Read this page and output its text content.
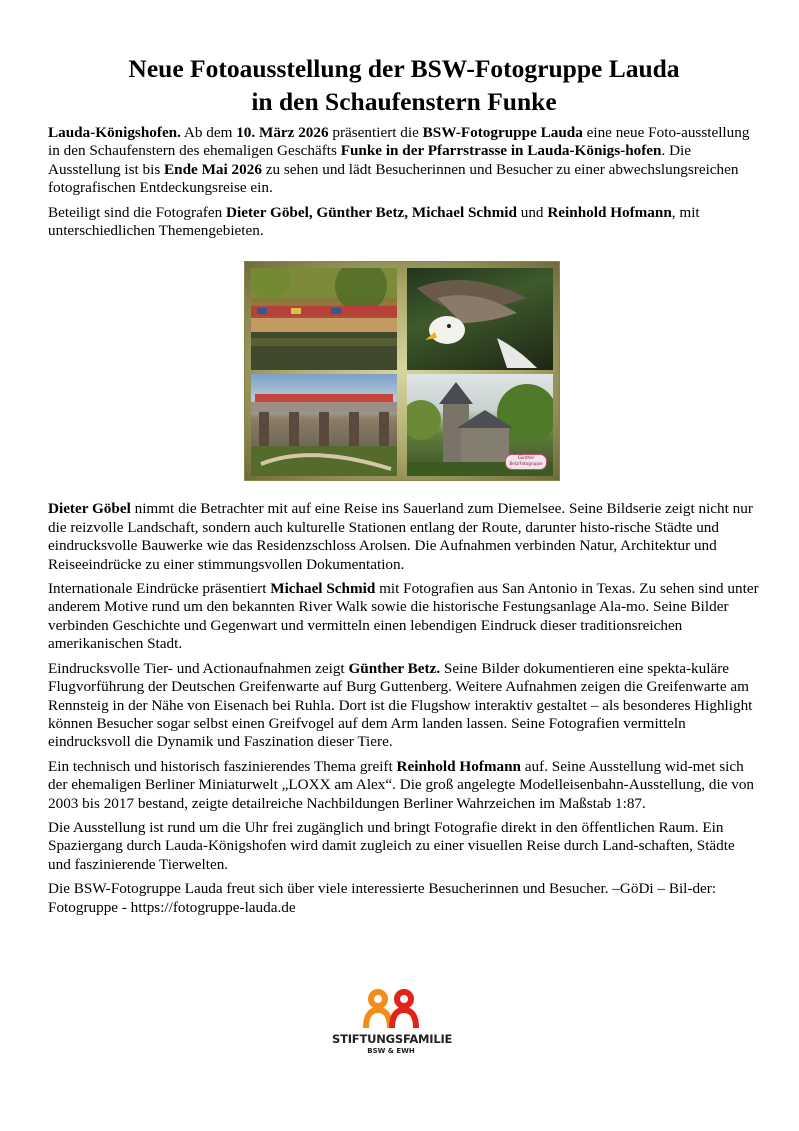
Neue Fotoausstellung der BSW-Fotogruppe Lauda
in den Schaufenstern Funke

Lauda-Königshofen. Ab dem 10. März 2026 präsentiert die BSW-Fotogruppe Lauda eine neue Foto-ausstellung in den Schaufenstern des ehemaligen Geschäfts Funke in der Pfarrstrasse in Lauda-Königs-hofen. Die Ausstellung ist bis Ende Mai 2026 zu sehen und lädt Besucherinnen und Besucher zu einer abwechslungsreichen fotografischen Entdeckungsreise ein.

Beteiligt sind die Fotografen Dieter Göbel, Günther Betz, Michael Schmid und Reinhold Hofmann, mit unterschiedlichen Themengebieten.

Günther Betz/Fotogruppe

Dieter Göbel nimmt die Betrachter mit auf eine Reise ins Sauerland zum Diemelsee. Seine Bildserie zeigt nicht nur die reizvolle Landschaft, sondern auch kulturelle Stationen entlang der Route, darunter histo-rische Städte und eindrucksvolle Bauwerke wie das Residenzschloss Arolsen. Die Aufnahmen verbinden Natur, Architektur und Reiseeindrücke zu einer stimmungsvollen Dokumentation.

Internationale Eindrücke präsentiert Michael Schmid mit Fotografien aus San Antonio in Texas. Zu sehen sind unter anderem Motive rund um den bekannten River Walk sowie die historische Festungsanlage Ala-mo. Seine Bilder verbinden Geschichte und Gegenwart und vermitteln einen lebendigen Eindruck dieser traditionsreichen amerikanischen Stadt.

Eindrucksvolle Tier- und Actionaufnahmen zeigt Günther Betz. Seine Bilder dokumentieren eine spekta-kuläre Flugvorführung der Deutschen Greifenwarte auf Burg Guttenberg. Weitere Aufnahmen zeigen die Greifenwarte am Rennsteig in der Nähe von Eisenach bei Ruhla. Dort ist die Flugshow interaktiv gestaltet – als besonderes Highlight können Besucher sogar selbst einen Greifvogel auf dem Arm landen lassen. Seine Fotografien vermitteln eindrucksvoll die Dynamik und Faszination dieser Tiere.

Ein technisch und historisch faszinierendes Thema greift Reinhold Hofmann auf. Seine Ausstellung wid-met sich der ehemaligen Berliner Miniaturwelt „LOXX am Alex“. Die groß angelegte Modelleisenbahn-Ausstellung, die von 2003 bis 2017 bestand, zeigte detailreiche Nachbildungen Berliner Wahrzeichen im Maßstab 1:87.

Die Ausstellung ist rund um die Uhr frei zugänglich und bringt Fotografie direkt in den öffentlichen Raum. Ein Spaziergang durch Lauda-Königshofen wird damit zugleich zu einer visuellen Reise durch Land-schaften, Städte und faszinierende Tierwelten.

Die BSW-Fotogruppe Lauda freut sich über viele interessierte Besucherinnen und Besucher. –GöDi – Bil-der: Fotogruppe - https://fotogruppe-lauda.de

STIFTUNGSFAMILIE
BSW & EWH
